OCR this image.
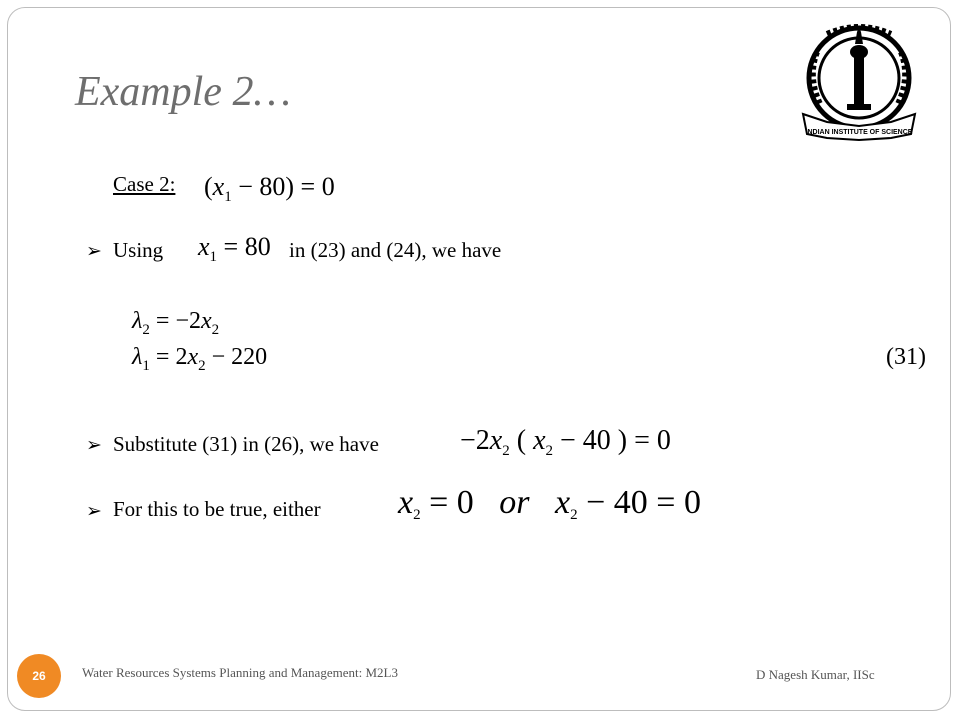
Example 2…
INDIAN INSTITUTE OF SCIENCE
Case 2: $(x_1 - 80) = 0$
➢ Using $x_1 = 80$ in (23) and (24), we have
$\lambda_2 = -2x_2$
$\lambda_1 = 2x_2 - 220$	(31)
➢ Substitute (31) in (26), we have	$-2x_2$ ( $x_2 - 40$ ) = 0
➢ For this to be true, either $x_2 = 0$   or $x_2 - 40 = 0$
26	Water Resources Systems Planning and Management: M2L3	D Nagesh Kumar, IISc
